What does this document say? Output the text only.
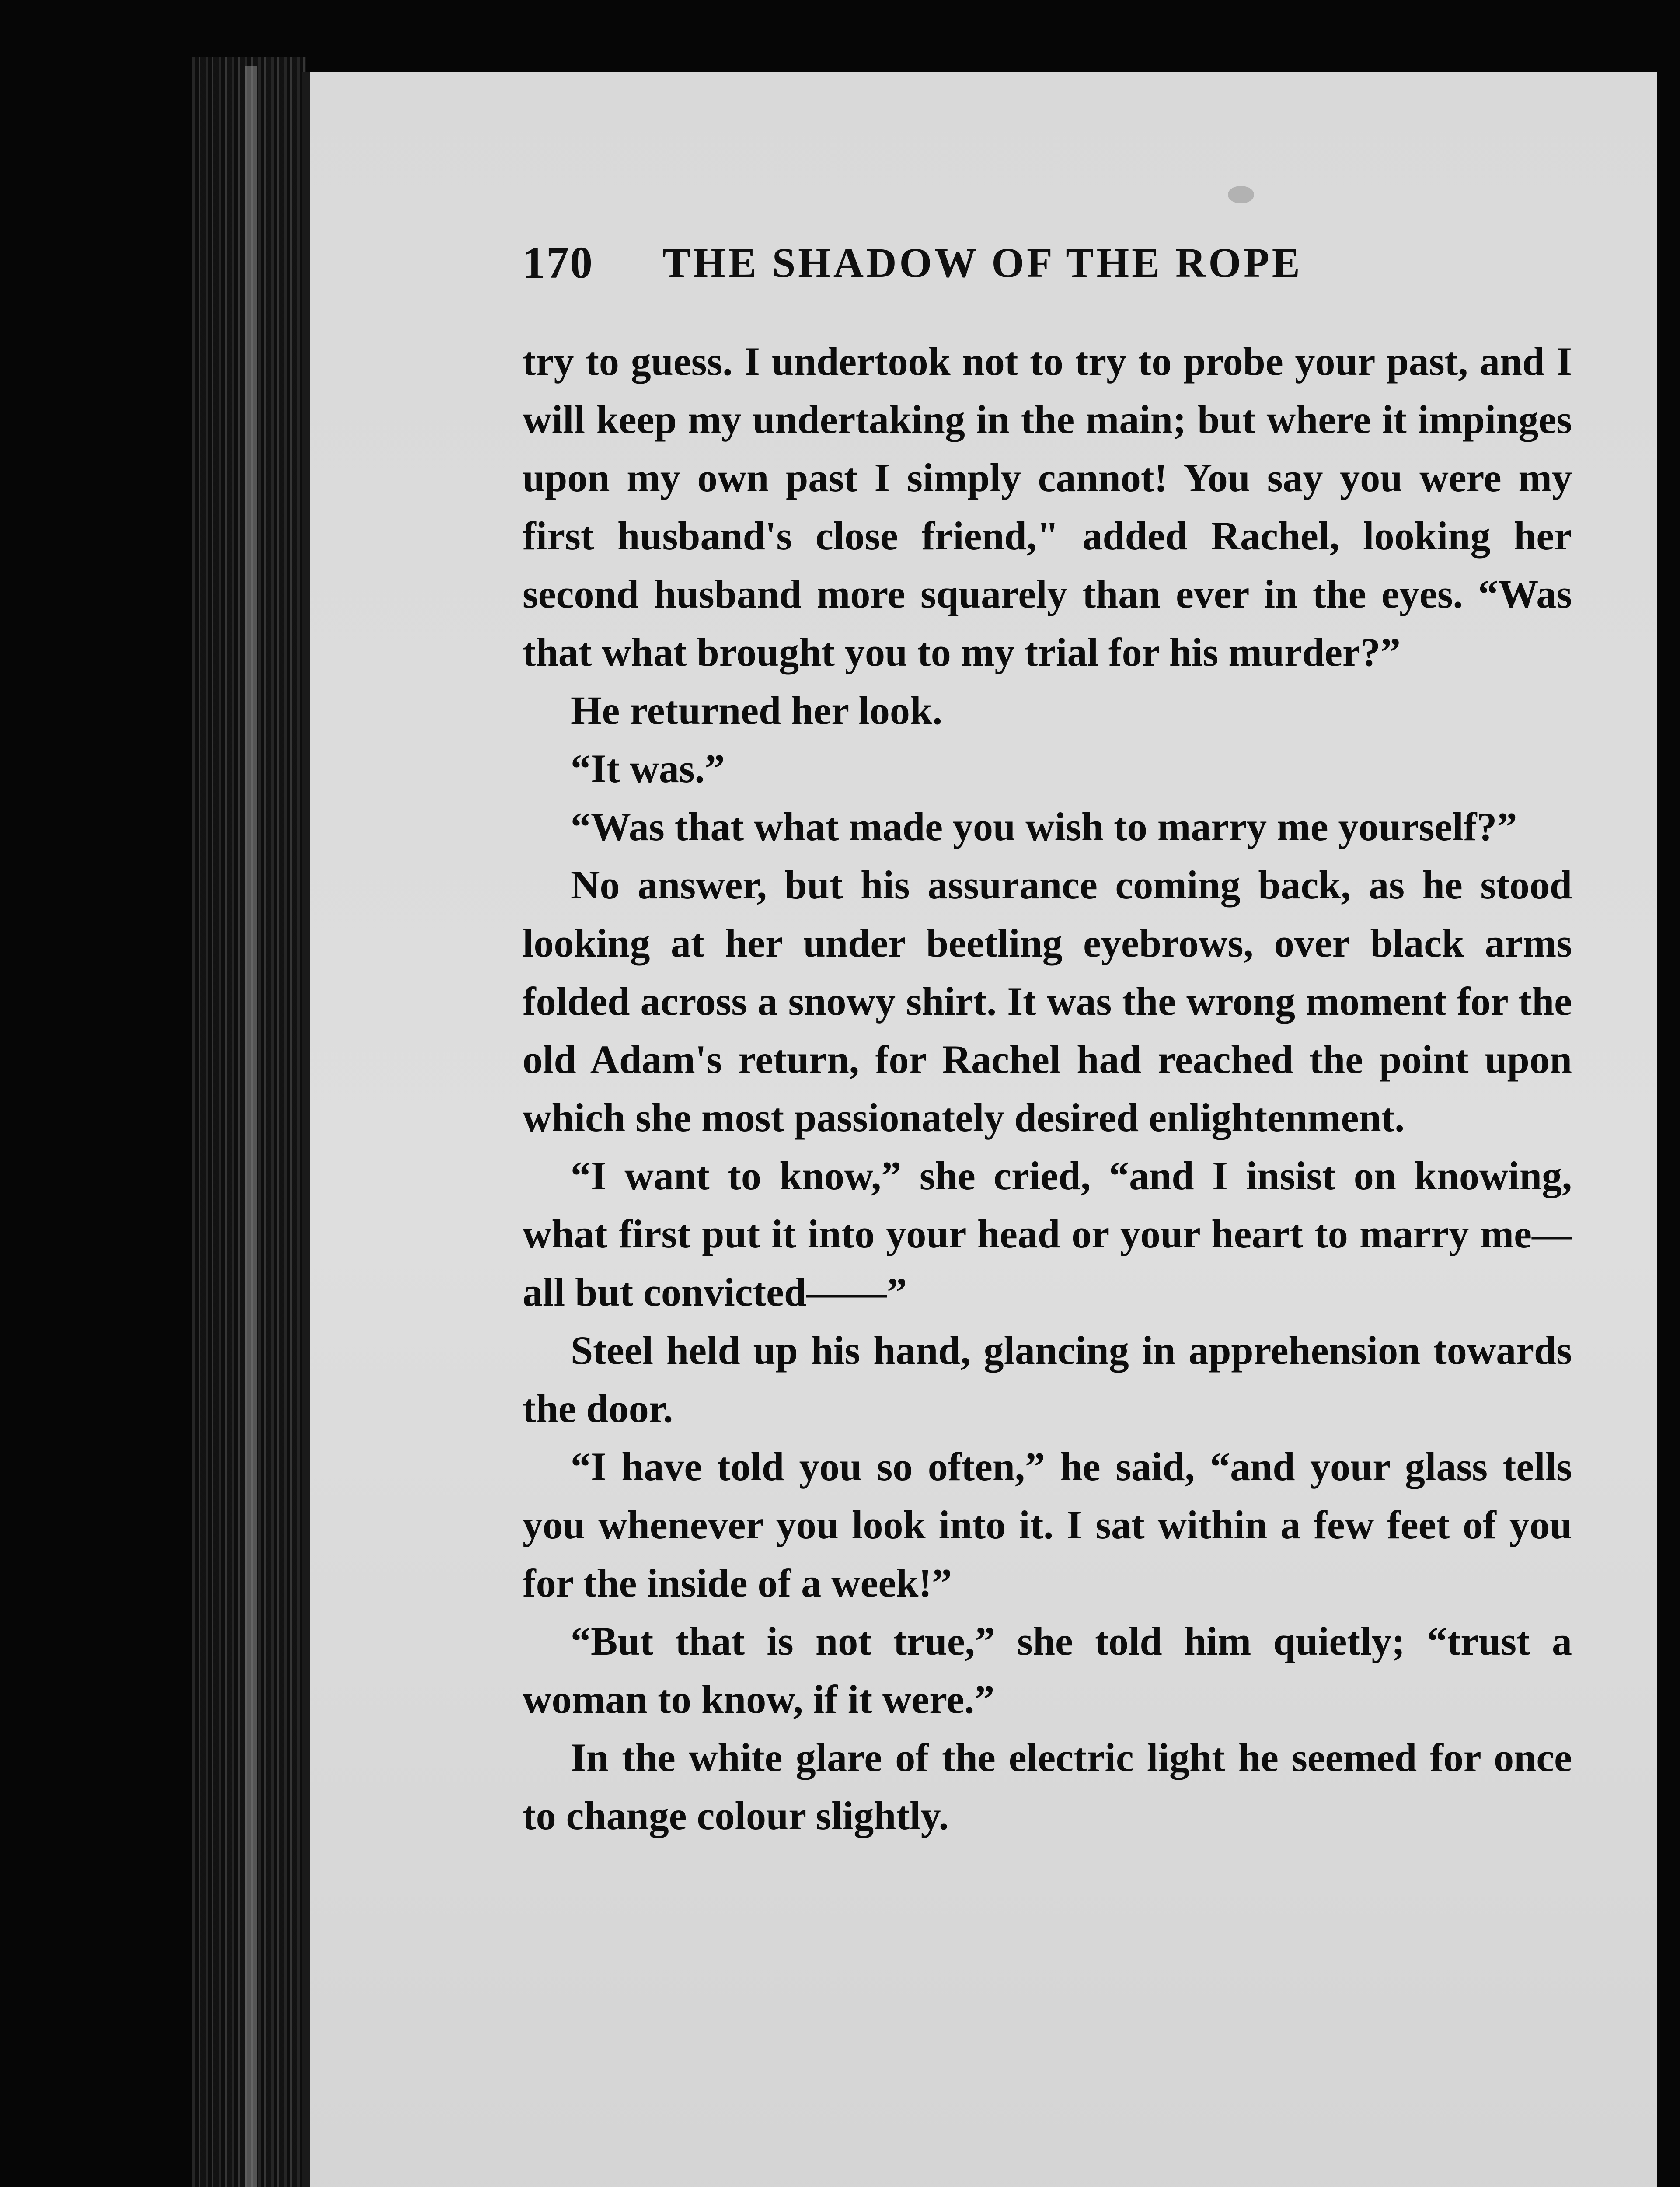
170	THE SHADOW OF THE ROPE

try to guess. I undertook not to try to probe your past, and I will keep my undertaking in the main; but where it impinges upon my own past I simply cannot! You say you were my first husband's close friend," added Rachel, looking her second husband more squarely than ever in the eyes. “Was that what brought you to my trial for his murder?”

He returned her look.

“It was.”

“Was that what made you wish to marry me yourself?”

No answer, but his assurance coming back, as he stood looking at her under beetling eyebrows, over black arms folded across a snowy shirt. It was the wrong moment for the old Adam's return, for Rachel had reached the point upon which she most passionately desired enlightenment.

“I want to know,” she cried, “and I insist on knowing, what first put it into your head or your heart to marry me—all but convicted——”

Steel held up his hand, glancing in apprehension towards the door.

“I have told you so often,” he said, “and your glass tells you whenever you look into it. I sat within a few feet of you for the inside of a week!”

“But that is not true,” she told him quietly; “trust a woman to know, if it were.”

In the white glare of the electric light he seemed for once to change colour slightly.
